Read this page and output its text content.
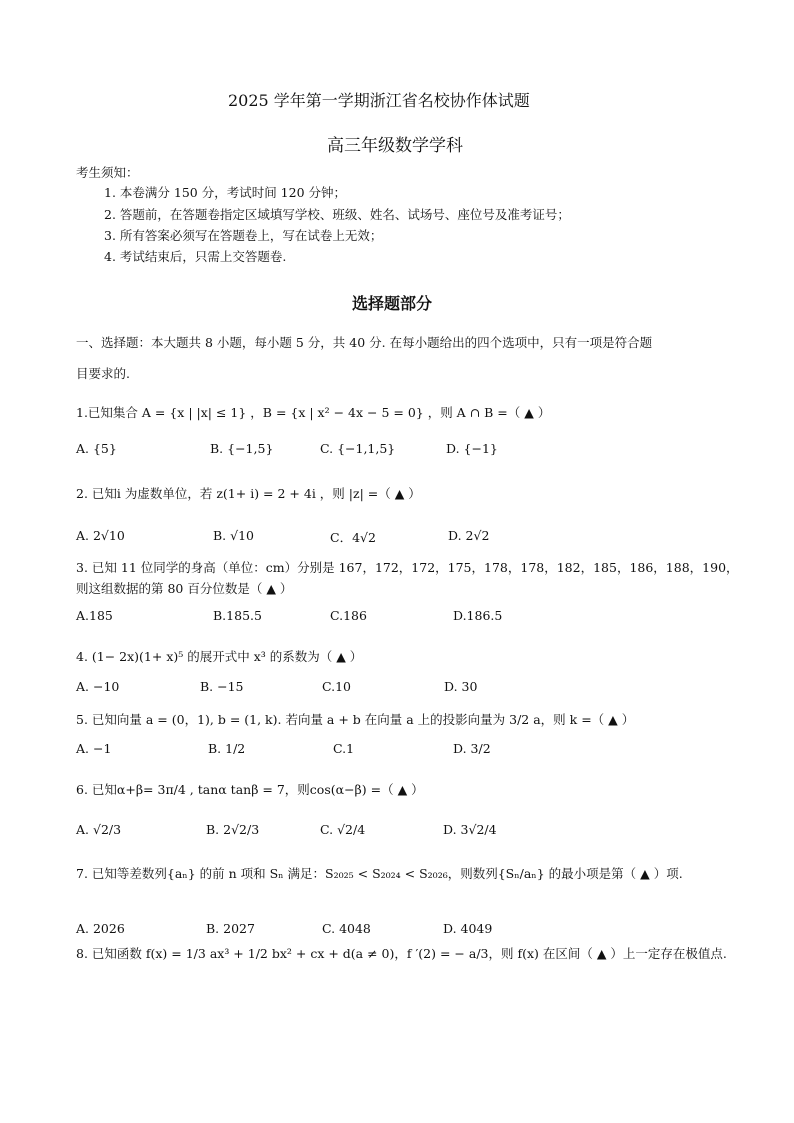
2025 学年第一学期浙江省名校协作体试题
高三年级数学学科
考生须知：
1. 本卷满分 150 分，考试时间 120 分钟；
2. 答题前，在答题卷指定区域填写学校、班级、姓名、试场号、座位号及准考证号；
3. 所有答案必须写在答题卷上，写在试卷上无效；
4. 考试结束后，只需上交答题卷.
选择题部分
一、选择题：本大题共 8 小题，每小题 5 分，共 40 分. 在每小题给出的四个选项中，只有一项是符合题
目要求的.
1.已知集合 A = {x | |x| ≤ 1} ，B = {x | x² − 4x − 5 = 0} ，则 A ∩ B =（ ▲ ）
A. {5}	B. {−1,5}	C. {−1,1,5}	D. {−1}
2. 已知i 为虚数单位，若 z(1+ i) = 2 + 4i ，则 |z| =（ ▲ ）
A. 2√10	B. √10	C．4√2	D. 2√2
3. 已知 11 位同学的身高（单位：cm）分别是 167，172，172，175，178，178，182，185，186，188，190，
则这组数据的第 80 百分位数是（ ▲ ）
A.185	B.185.5	C.186	D.186.5
4. (1− 2x)(1+ x)⁵ 的展开式中 x³ 的系数为（ ▲ ）
A. −10	B. −15	C.10	D. 30
5. 已知向量 a = (0，1), b = (1, k). 若向量 a + b 在向量 a 上的投影向量为 3/2 a，则 k =（ ▲ ）
A. −1	B. 1/2	C.1	D. 3/2
6. 已知α+β= 3π/4 , tanα tanβ = 7，则cos(α−β) =（ ▲ ）
A. √2/3	B. 2√2/3	C. √2/4	D. 3√2/4
7. 已知等差数列{aₙ} 的前 n 项和 Sₙ 满足：S₂₀₂₅ < S₂₀₂₄ < S₂₀₂₆，则数列{Sₙ/aₙ} 的最小项是第（ ▲ ）项.
A. 2026	B. 2027	C. 4048	D. 4049
8. 已知函数 f(x) = 1/3 ax³ + 1/2 bx² + cx + d(a ≠ 0)，f ′(2) = − a/3，则 f(x) 在区间（ ▲ ）上一定存在极值点.
